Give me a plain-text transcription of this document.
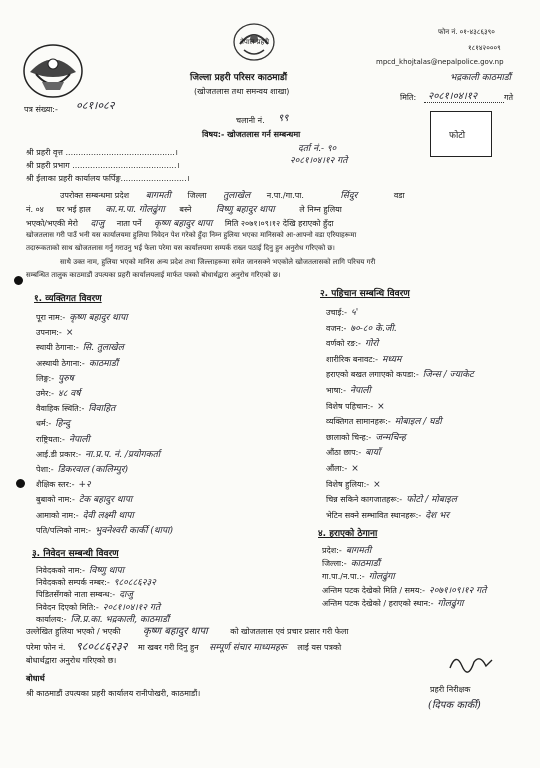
फोन नं. ०१-४३८६३९०
१८१४२०००९
mpcd_khojtalas@nepalpolice.gov.np
भद्रकाली काठमाडौं
मिति: २०८१।०४।१२	गते
नेपाल प्रहरी
जिल्ला प्रहरी परिसर काठमाडौं
(खोजतलास तथा समन्वय शाखा)
पत्र संख्या:- ०८१।०८२
चलानी नं. ९९
विषय:- खोजतलास गर्न सम्बन्धमा
दर्ता नं.- ९०
२०८१।०४।१२ गते
फोटो
श्री प्रहरी वृत्त ...........................................।
श्री प्रहरी प्रभाग .........................................।
श्री ईलाका प्रहरी कार्यालय फर्पिङ्ग..........................।
उपरोक्त सम्बन्धमा प्रदेश बागमती जिल्ला तुलाखेल न.पा./गा.पा.	सिंदुर	वडा
नं. ०४ घर भई हाल का.म.पा. गोलढुंगा बस्ने	विष्णु बहादुर थापा	ले निम्न हुलिया
भएको/भएकी मेरो दाजु नाता पर्ने कृष्ण बहादुर थापा मिति २०७१।०९।१२ देखि हराएको हुँदा
खोजतलास गरी पाउँ भनी यस कार्यालयमा हुलिया निवेदन पेश गरेको हुँदा निम्न हुलिया भएका मानिसको आ-आफ्नो वडा एरियाहरूमा
तदारूकताको साथ खोजतलास गर्नु गराउनु भई फेला परेमा यस कार्यालयमा सम्पर्क राख्न पठाई दिनु हुन अनुरोध गरिएको छ।
साथै उक्त नाम, हुलिया भएको मानिस अन्य प्रदेश तथा जिल्लाहरूमा समेत जानसक्ने भएकोले खोजतलासको लागि परिचय गरी
सम्बन्धित तालुक काठमाडौं उपत्यका प्रहरी कार्यालयलाई मार्फत पत्रको बोधार्थद्वारा अनुरोध गरिएको छ।
१. व्यक्तिगत विवरण
पूरा नाम:- कृष्ण बहादुर थापा
उपनाम:- ×
स्थायी ठेगाना:- सि. तुलाखेल
अस्थायी ठेगाना:- काठमाडौं
लिङ्ग:- पुरुष
उमेर:- ४८ वर्ष
वैवाहिक स्थिति:- विवाहित
धर्म:- हिन्दु
राष्ट्रियता:- नेपाली
आई.डी प्रकार:- ना.प्र.प. नं. /प्रयोगकर्ता
पेशा:- डिकरवाल (कालिम्पुर)
शैक्षिक स्तर:- +२
बुबाको नाम:- टेक बहादुर थापा
आमाको नाम:- देवी लक्ष्मी थापा
पति/पत्निको नाम:- भुवनेश्वरी कार्की (थापा)
२. पहिचान सम्बन्धि विवरण
उचाई:- ५'
वजन:- ७०-८० के.जी.
वर्णको रङ:- गोरो
शारीरिक बनावट:- मध्यम
हराएको बखत लगाएको कपडा:- जिन्स / ज्याकेट
भाषा:- नेपाली
विशेष पहिचान:- ×
व्यक्तिगत सामानहरू:- मोबाइल / घडी
छालाको चिन्ह:- जन्मचिन्ह
औंठा छाप:- बायाँ
औंला:- ×
विशेष हुलिया:- ×
चिन्न सकिने कागजातहरू:- फोटो / मोबाइल
भेटिन सक्ने सम्भावित स्थानहरू:- देश भर
३. निवेदन सम्बन्धी विवरण
निवेदकको नाम:- विष्णु थापा
निवेदकको सम्पर्क नम्बर:- ९८०८८६२३२
पिडितसँगको नाता सम्बन्ध:- दाजु
निवेदन दिएको मिति:- २०८१।०४।१२ गते
कार्यालय:- जि.प्र.का. भद्रकाली, काठमाडौं
४. हराएको ठेगाना
प्रदेश:- बागमती
जिल्ला:- काठमाडौं
गा.पा./न.पा.:- गोलढुंगा
अन्तिम पटक देखेको मिति / समय:- २०७१।०९।१२ गते
अन्तिम पटक देखेको / हराएको स्थान:- गोलढुंगा
उल्लेखित हुलिया भएको / भएकी कृष्ण बहादुर थापा	को खोजतलास एवं प्रचार प्रसार गरी फेला
परेमा फोन नं. ९८०८८६२३२ मा खबर गरी दिनु हुन सम्पूर्ण संचार माध्यमहरू लाई यस पत्रको
बोधार्थद्वारा अनुरोध गरिएको छ।
बोधार्थ
श्री काठमाडौं उपत्यका प्रहरी कार्यालय रानीपोखरी, काठमाडौं।	प्रहरी निरीक्षक
(दिपक कार्की)
